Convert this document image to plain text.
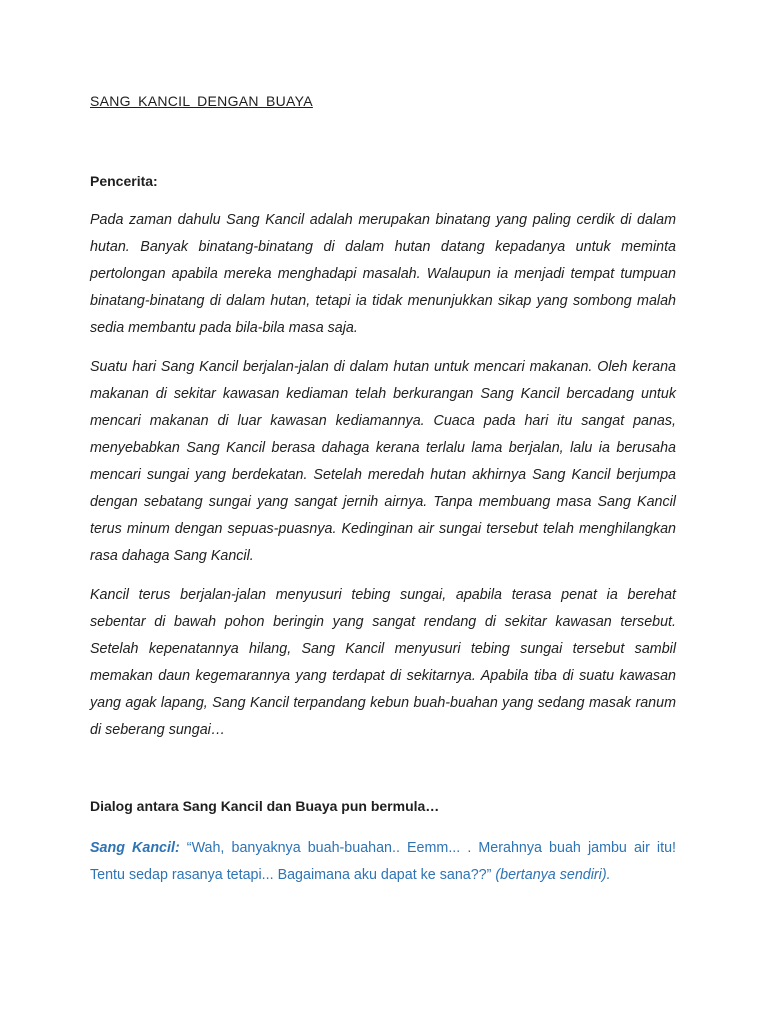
SANG KANCIL DENGAN BUAYA

Pencerita:

Pada zaman dahulu Sang Kancil adalah merupakan binatang yang paling cerdik di dalam hutan. Banyak binatang-binatang di dalam hutan datang kepadanya untuk meminta pertolongan apabila mereka menghadapi masalah. Walaupun ia menjadi tempat tumpuan binatang-binatang di dalam hutan, tetapi ia tidak menunjukkan sikap yang sombong malah sedia membantu pada bila-bila masa saja.

Suatu hari Sang Kancil berjalan-jalan di dalam hutan untuk mencari makanan. Oleh kerana makanan di sekitar kawasan kediaman telah berkurangan Sang Kancil bercadang untuk mencari makanan di luar kawasan kediamannya. Cuaca pada hari itu sangat panas, menyebabkan Sang Kancil berasa dahaga kerana terlalu lama berjalan, lalu ia berusaha mencari sungai yang berdekatan. Setelah meredah hutan akhirnya Sang Kancil berjumpa dengan sebatang sungai yang sangat jernih airnya. Tanpa membuang masa Sang Kancil terus minum dengan sepuas-puasnya. Kedinginan air sungai tersebut telah menghilangkan rasa dahaga Sang Kancil.

Kancil terus berjalan-jalan menyusuri tebing sungai, apabila terasa penat ia berehat sebentar di bawah pohon beringin yang sangat rendang di sekitar kawasan tersebut. Setelah kepenatannya hilang, Sang Kancil menyusuri tebing sungai tersebut sambil memakan daun kegemarannya yang terdapat di sekitarnya. Apabila tiba di suatu kawasan yang agak lapang, Sang Kancil terpandang kebun buah-buahan yang sedang masak ranum di seberang sungai…

Dialog antara Sang Kancil dan Buaya pun bermula…

Sang Kancil: “Wah, banyaknya buah-buahan.. Eemm... . Merahnya buah jambu air itu! Tentu sedap rasanya tetapi... Bagaimana aku dapat ke sana??” (bertanya sendiri).
